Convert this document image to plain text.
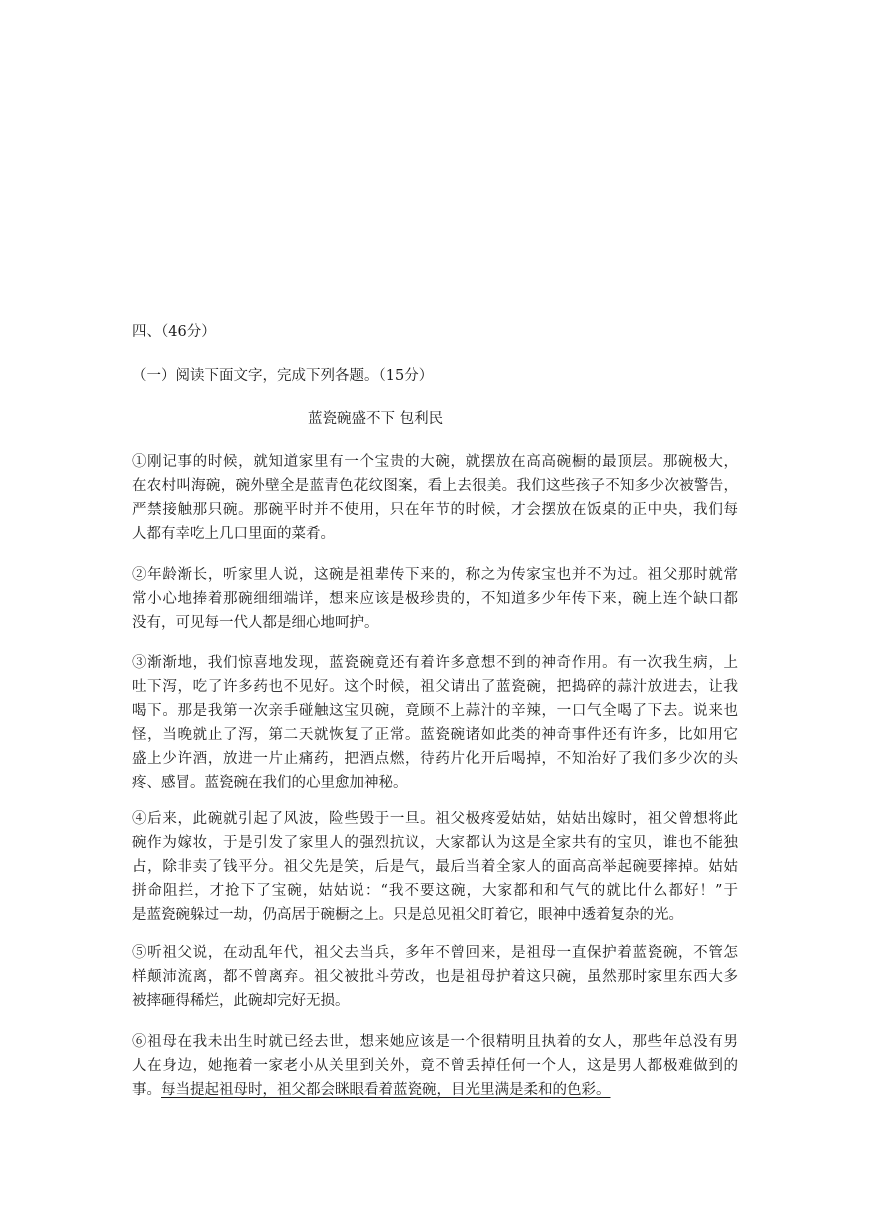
四、（46分）
（一）阅读下面文字，完成下列各题。（15分）
蓝瓷碗盛不下 包利民

①刚记事的时候，就知道家里有一个宝贵的大碗，就摆放在高高碗橱的最顶层。那碗极大，
在农村叫海碗，碗外壁全是蓝青色花纹图案，看上去很美。我们这些孩子不知多少次被警告，
严禁接触那只碗。那碗平时并不使用，只在年节的时候，才会摆放在饭桌的正中央，我们每
人都有幸吃上几口里面的菜肴。

②年龄渐长，听家里人说，这碗是祖辈传下来的，称之为传家宝也并不为过。祖父那时就常
常小心地捧着那碗细细端详，想来应该是极珍贵的，不知道多少年传下来，碗上连个缺口都
没有，可见每一代人都是细心地呵护。

③渐渐地，我们惊喜地发现，蓝瓷碗竟还有着许多意想不到的神奇作用。有一次我生病，上
吐下泻，吃了许多药也不见好。这个时候，祖父请出了蓝瓷碗，把捣碎的蒜汁放进去，让我
喝下。那是我第一次亲手碰触这宝贝碗，竟顾不上蒜汁的辛辣，一口气全喝了下去。说来也
怪，当晚就止了泻，第二天就恢复了正常。蓝瓷碗诸如此类的神奇事件还有许多，比如用它
盛上少许酒，放进一片止痛药，把酒点燃，待药片化开后喝掉，不知治好了我们多少次的头
疼、感冒。蓝瓷碗在我们的心里愈加神秘。

④后来，此碗就引起了风波，险些毁于一旦。祖父极疼爱姑姑，姑姑出嫁时，祖父曾想将此
碗作为嫁妆，于是引发了家里人的强烈抗议，大家都认为这是全家共有的宝贝，谁也不能独
占，除非卖了钱平分。祖父先是笑，后是气，最后当着全家人的面高高举起碗要摔掉。姑姑
拼命阻拦，才抢下了宝碗，姑姑说：“我不要这碗，大家都和和气气的就比什么都好！”于
是蓝瓷碗躲过一劫，仍高居于碗橱之上。只是总见祖父盯着它，眼神中透着复杂的光。

⑤听祖父说，在动乱年代，祖父去当兵，多年不曾回来，是祖母一直保护着蓝瓷碗，不管怎
样颠沛流离，都不曾离弃。祖父被批斗劳改，也是祖母护着这只碗，虽然那时家里东西大多
被摔砸得稀烂，此碗却完好无损。

⑥祖母在我未出生时就已经去世，想来她应该是一个很精明且执着的女人，那些年总没有男
人在身边，她拖着一家老小从关里到关外，竟不曾丢掉任何一个人，这是男人都极难做到的
事。每当提起祖母时，祖父都会眯眼看着蓝瓷碗，目光里满是柔和的色彩。
